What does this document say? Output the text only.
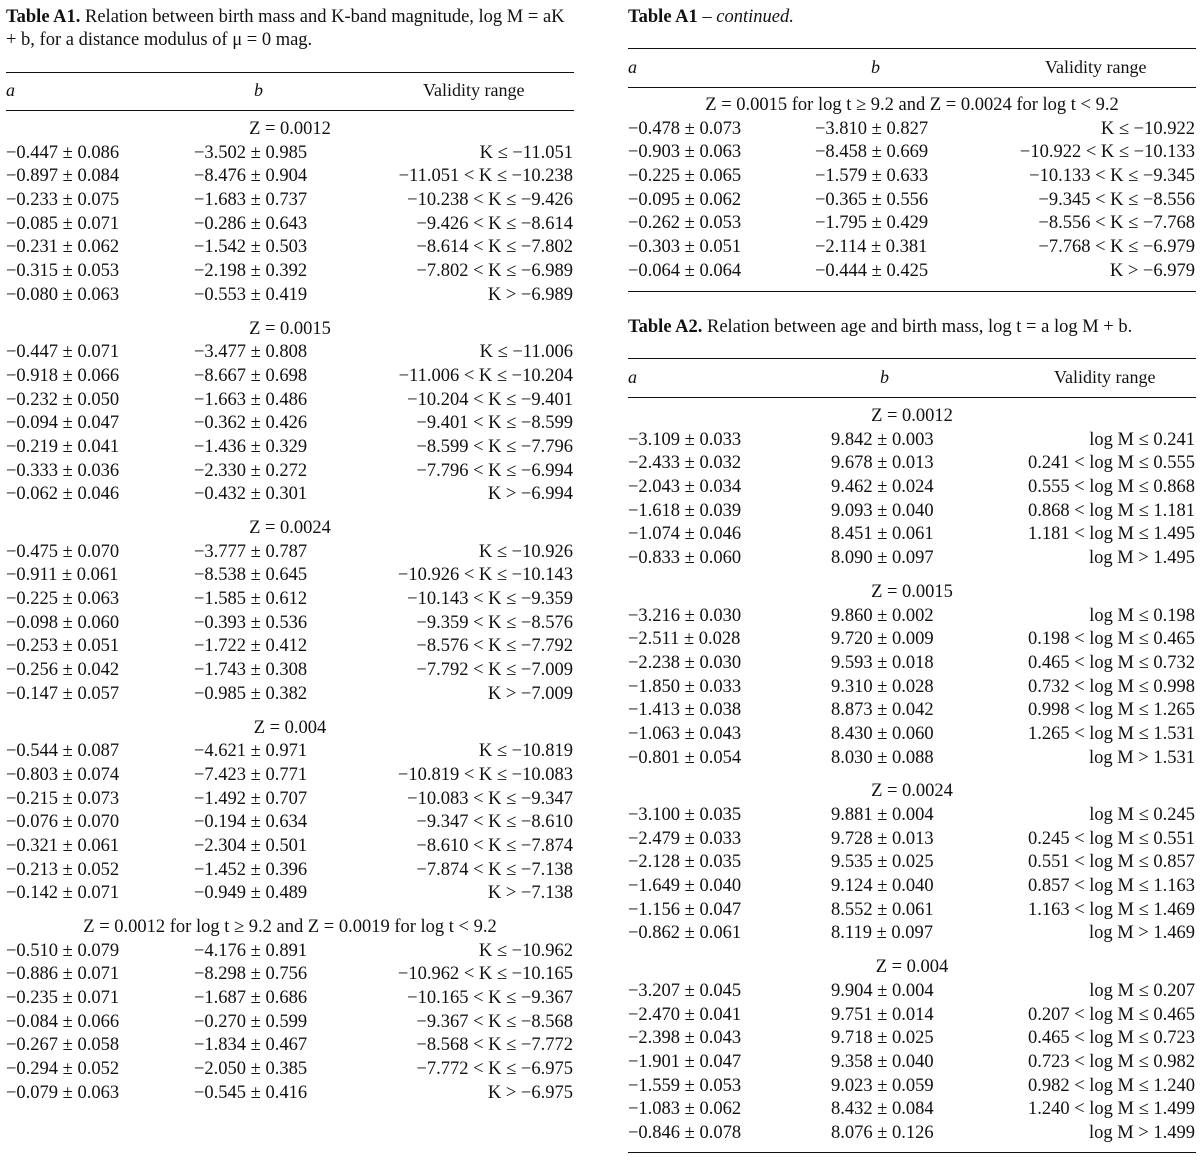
Table A1. Relation between birth mass and K-band magnitude, log M = aK + b, for a distance modulus of μ = 0 mag.
a	b	Validity range
Z = 0.0012
−0.447 ± 0.086	−3.502 ± 0.985	K ≤ −11.051
−0.897 ± 0.084	−8.476 ± 0.904	−11.051 < K ≤ −10.238
−0.233 ± 0.075	−1.683 ± 0.737	−10.238 < K ≤ −9.426
−0.085 ± 0.071	−0.286 ± 0.643	−9.426 < K ≤ −8.614
−0.231 ± 0.062	−1.542 ± 0.503	−8.614 < K ≤ −7.802
−0.315 ± 0.053	−2.198 ± 0.392	−7.802 < K ≤ −6.989
−0.080 ± 0.063	−0.553 ± 0.419	K > −6.989
Z = 0.0015
−0.447 ± 0.071	−3.477 ± 0.808	K ≤ −11.006
−0.918 ± 0.066	−8.667 ± 0.698	−11.006 < K ≤ −10.204
−0.232 ± 0.050	−1.663 ± 0.486	−10.204 < K ≤ −9.401
−0.094 ± 0.047	−0.362 ± 0.426	−9.401 < K ≤ −8.599
−0.219 ± 0.041	−1.436 ± 0.329	−8.599 < K ≤ −7.796
−0.333 ± 0.036	−2.330 ± 0.272	−7.796 < K ≤ −6.994
−0.062 ± 0.046	−0.432 ± 0.301	K > −6.994
Z = 0.0024
−0.475 ± 0.070	−3.777 ± 0.787	K ≤ −10.926
−0.911 ± 0.061	−8.538 ± 0.645	−10.926 < K ≤ −10.143
−0.225 ± 0.063	−1.585 ± 0.612	−10.143 < K ≤ −9.359
−0.098 ± 0.060	−0.393 ± 0.536	−9.359 < K ≤ −8.576
−0.253 ± 0.051	−1.722 ± 0.412	−8.576 < K ≤ −7.792
−0.256 ± 0.042	−1.743 ± 0.308	−7.792 < K ≤ −7.009
−0.147 ± 0.057	−0.985 ± 0.382	K > −7.009
Z = 0.004
−0.544 ± 0.087	−4.621 ± 0.971	K ≤ −10.819
−0.803 ± 0.074	−7.423 ± 0.771	−10.819 < K ≤ −10.083
−0.215 ± 0.073	−1.492 ± 0.707	−10.083 < K ≤ −9.347
−0.076 ± 0.070	−0.194 ± 0.634	−9.347 < K ≤ −8.610
−0.321 ± 0.061	−2.304 ± 0.501	−8.610 < K ≤ −7.874
−0.213 ± 0.052	−1.452 ± 0.396	−7.874 < K ≤ −7.138
−0.142 ± 0.071	−0.949 ± 0.489	K > −7.138
Z = 0.0012 for log t ≥ 9.2 and Z = 0.0019 for log t < 9.2
−0.510 ± 0.079	−4.176 ± 0.891	K ≤ −10.962
−0.886 ± 0.071	−8.298 ± 0.756	−10.962 < K ≤ −10.165
−0.235 ± 0.071	−1.687 ± 0.686	−10.165 < K ≤ −9.367
−0.084 ± 0.066	−0.270 ± 0.599	−9.367 < K ≤ −8.568
−0.267 ± 0.058	−1.834 ± 0.467	−8.568 < K ≤ −7.772
−0.294 ± 0.052	−2.050 ± 0.385	−7.772 < K ≤ −6.975
−0.079 ± 0.063	−0.545 ± 0.416	K > −6.975
Table A1 – continued.
a	b	Validity range
Z = 0.0015 for log t ≥ 9.2 and Z = 0.0024 for log t < 9.2
−0.478 ± 0.073	−3.810 ± 0.827	K ≤ −10.922
−0.903 ± 0.063	−8.458 ± 0.669	−10.922 < K ≤ −10.133
−0.225 ± 0.065	−1.579 ± 0.633	−10.133 < K ≤ −9.345
−0.095 ± 0.062	−0.365 ± 0.556	−9.345 < K ≤ −8.556
−0.262 ± 0.053	−1.795 ± 0.429	−8.556 < K ≤ −7.768
−0.303 ± 0.051	−2.114 ± 0.381	−7.768 < K ≤ −6.979
−0.064 ± 0.064	−0.444 ± 0.425	K > −6.979
Table A2. Relation between age and birth mass, log t = a log M + b.
a	b	Validity range
Z = 0.0012
−3.109 ± 0.033	9.842 ± 0.003	log M ≤ 0.241
−2.433 ± 0.032	9.678 ± 0.013	0.241 < log M ≤ 0.555
−2.043 ± 0.034	9.462 ± 0.024	0.555 < log M ≤ 0.868
−1.618 ± 0.039	9.093 ± 0.040	0.868 < log M ≤ 1.181
−1.074 ± 0.046	8.451 ± 0.061	1.181 < log M ≤ 1.495
−0.833 ± 0.060	8.090 ± 0.097	log M > 1.495
Z = 0.0015
−3.216 ± 0.030	9.860 ± 0.002	log M ≤ 0.198
−2.511 ± 0.028	9.720 ± 0.009	0.198 < log M ≤ 0.465
−2.238 ± 0.030	9.593 ± 0.018	0.465 < log M ≤ 0.732
−1.850 ± 0.033	9.310 ± 0.028	0.732 < log M ≤ 0.998
−1.413 ± 0.038	8.873 ± 0.042	0.998 < log M ≤ 1.265
−1.063 ± 0.043	8.430 ± 0.060	1.265 < log M ≤ 1.531
−0.801 ± 0.054	8.030 ± 0.088	log M > 1.531
Z = 0.0024
−3.100 ± 0.035	9.881 ± 0.004	log M ≤ 0.245
−2.479 ± 0.033	9.728 ± 0.013	0.245 < log M ≤ 0.551
−2.128 ± 0.035	9.535 ± 0.025	0.551 < log M ≤ 0.857
−1.649 ± 0.040	9.124 ± 0.040	0.857 < log M ≤ 1.163
−1.156 ± 0.047	8.552 ± 0.061	1.163 < log M ≤ 1.469
−0.862 ± 0.061	8.119 ± 0.097	log M > 1.469
Z = 0.004
−3.207 ± 0.045	9.904 ± 0.004	log M ≤ 0.207
−2.470 ± 0.041	9.751 ± 0.014	0.207 < log M ≤ 0.465
−2.398 ± 0.043	9.718 ± 0.025	0.465 < log M ≤ 0.723
−1.901 ± 0.047	9.358 ± 0.040	0.723 < log M ≤ 0.982
−1.559 ± 0.053	9.023 ± 0.059	0.982 < log M ≤ 1.240
−1.083 ± 0.062	8.432 ± 0.084	1.240 < log M ≤ 1.499
−0.846 ± 0.078	8.076 ± 0.126	log M > 1.499
